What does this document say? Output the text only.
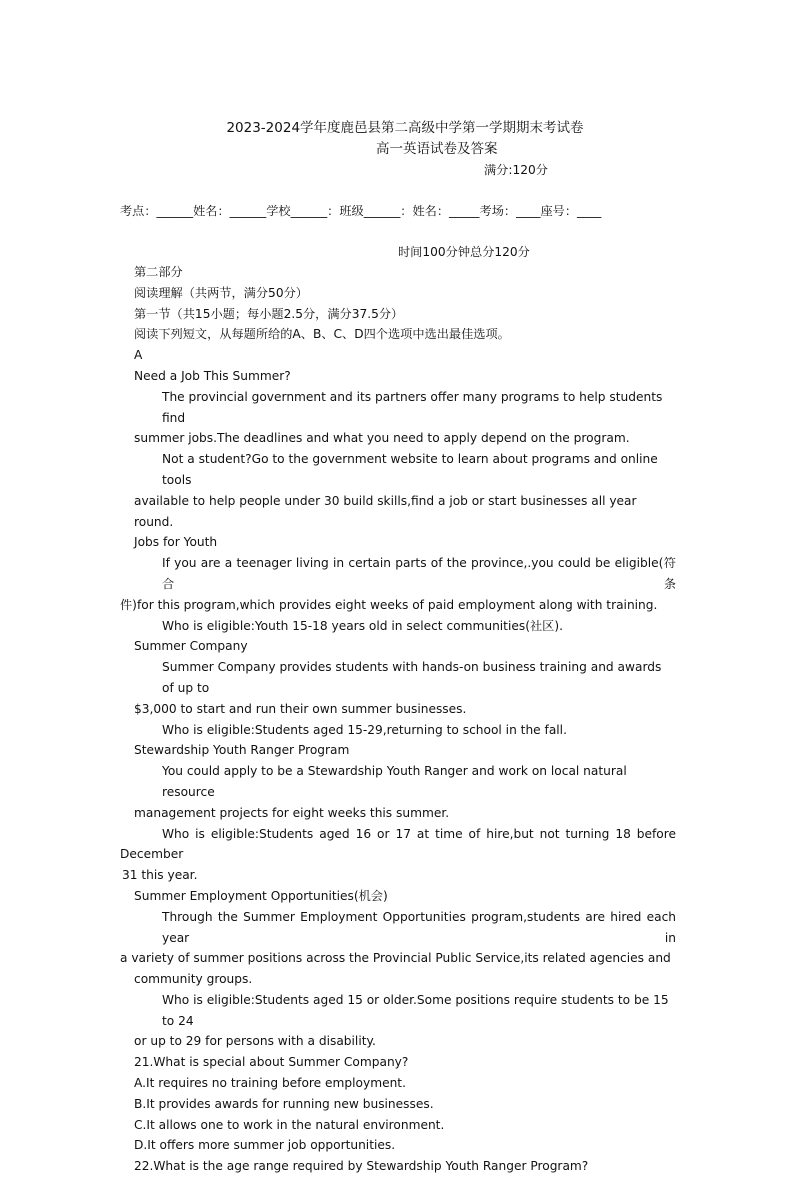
2023-2024学年度鹿邑县第二高级中学第一学期期末考试卷
高一英语试卷及答案
满分:120分
考点：______姓名：______学校______：班级______：姓名：_____考场：____座号：____
时间100分钟总分120分

第二部分

阅读理解（共两节，满分50分）

第一节（共15小题；每小题2.5分，满分37.5分）

阅读下列短文，从每题所给的A、B、C、D四个选项中选出最佳选项。

A

Need a Job This Summer?

The provincial government and its partners offer many programs to help students find

summer jobs.The deadlines and what you need to apply depend on the program.

Not a student?Go to the government website to learn about programs and online tools

available to help people under 30 build skills,find a job or start businesses all year round.

Jobs for Youth

If you are a teenager living in certain parts of the province,.you could be eligible(符合条

件)for this program,which provides eight weeks of paid employment along with training.

Who is eligible:Youth 15-18 years old in select communities(社区).

Summer Company

Summer Company provides students with hands-on business training and awards of up to

$3,000 to start and run their own summer businesses.

Who is eligible:Students aged 15-29,returning to school in the fall.

Stewardship Youth Ranger Program

You could apply to be a Stewardship Youth Ranger and work on local natural resource

management projects for eight weeks this summer.

Who is eligible:Students aged 16 or 17 at time of hire,but not turning 18 before

December

31 this year.

Summer Employment Opportunities(机会)

Through the Summer Employment Opportunities program,students are hired each year in

a variety of summer positions across the Provincial Public Service,its related agencies and

community groups.

Who is eligible:Students aged 15 or older.Some positions require students to be 15 to 24

or up to 29 for persons with a disability.

21.What is special about Summer Company?

A.It requires no training before employment.

B.It provides awards for running new businesses.

C.It allows one to work in the natural environment.

D.It offers more summer job opportunities.

22.What is the age range required by Stewardship Youth Ranger Program?
